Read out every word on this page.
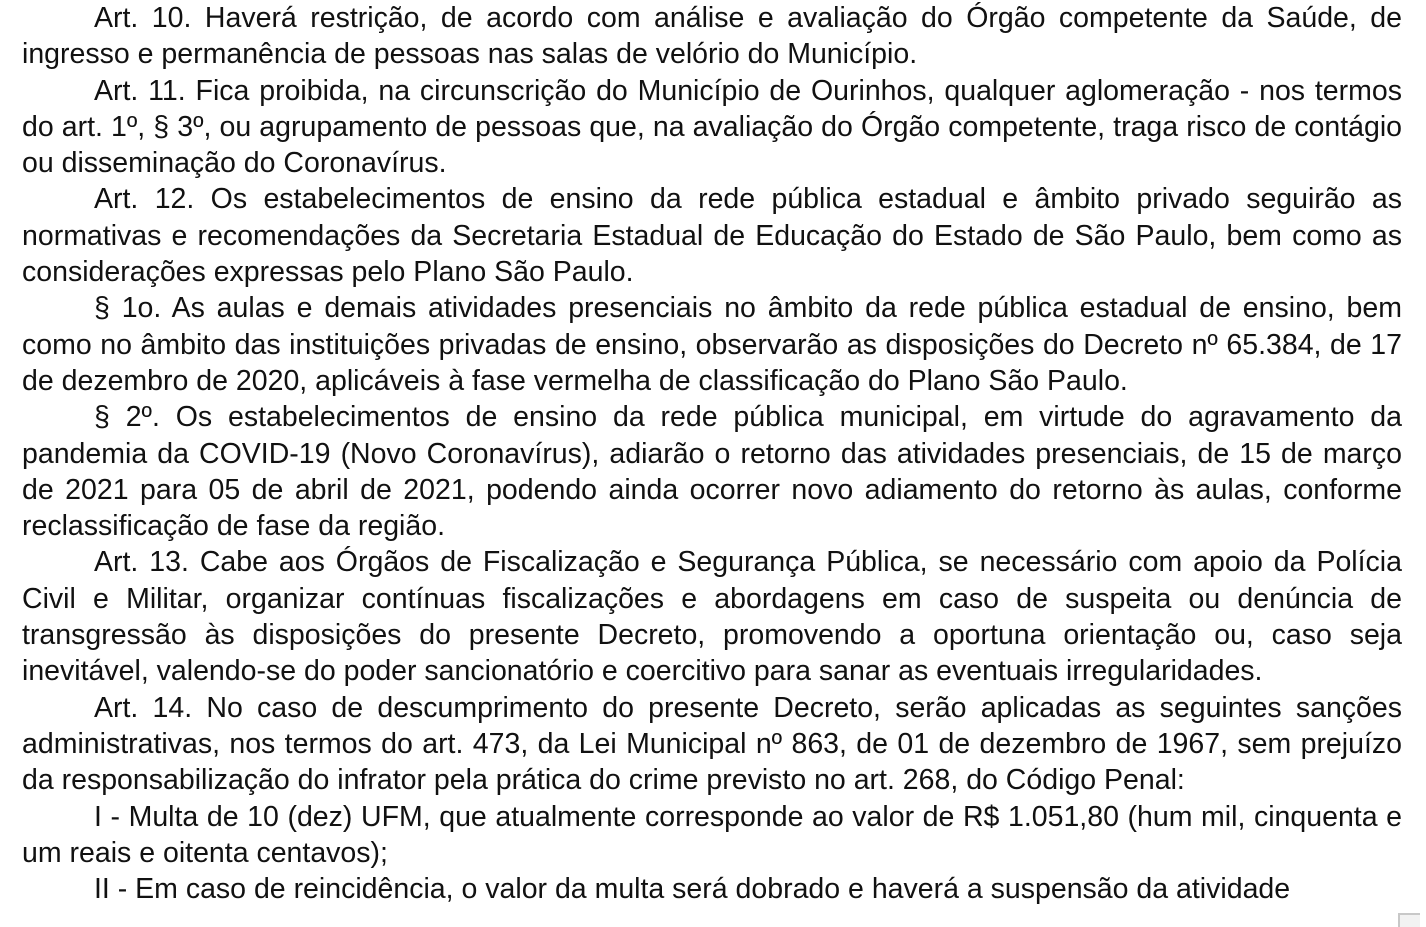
Art. 10. Haverá restrição, de acordo com análise e avaliação do Órgão competente da Saúde, de ingresso e permanência de pessoas nas salas de velório do Município.

Art. 11. Fica proibida, na circunscrição do Município de Ourinhos, qualquer aglomeração - nos termos do art. 1º, § 3º, ou agrupamento de pessoas que, na avaliação do Órgão competente, traga risco de contágio ou disseminação do Coronavírus.

Art. 12. Os estabelecimentos de ensino da rede pública estadual e âmbito privado seguirão as normativas e recomendações da Secretaria Estadual de Educação do Estado de São Paulo, bem como as considerações expressas pelo Plano São Paulo.

§ 1o. As aulas e demais atividades presenciais no âmbito da rede pública estadual de ensino, bem como no âmbito das instituições privadas de ensino, observarão as disposições do Decreto nº 65.384, de 17 de dezembro de 2020, aplicáveis à fase vermelha de classificação do Plano São Paulo.

§ 2º. Os estabelecimentos de ensino da rede pública municipal, em virtude do agravamento da pandemia da COVID-19 (Novo Coronavírus), adiarão o retorno das atividades presenciais, de 15 de março de 2021 para 05 de abril de 2021, podendo ainda ocorrer novo adiamento do retorno às aulas, conforme reclassificação de fase da região.

Art. 13. Cabe aos Órgãos de Fiscalização e Segurança Pública, se necessário com apoio da Polícia Civil e Militar, organizar contínuas fiscalizações e abordagens em caso de suspeita ou denúncia de transgressão às disposições do presente Decreto, promovendo a oportuna orientação ou, caso seja inevitável, valendo-se do poder sancionatório e coercitivo para sanar as eventuais irregularidades.

Art. 14. No caso de descumprimento do presente Decreto, serão aplicadas as seguintes sanções administrativas, nos termos do art. 473, da Lei Municipal nº 863, de 01 de dezembro de 1967, sem prejuízo da responsabilização do infrator pela prática do crime previsto no art. 268, do Código Penal:

I - Multa de 10 (dez) UFM, que atualmente corresponde ao valor de R$ 1.051,80 (hum mil, cinquenta e um reais e oitenta centavos);

II - Em caso de reincidência, o valor da multa será dobrado e haverá a suspensão da atividade
